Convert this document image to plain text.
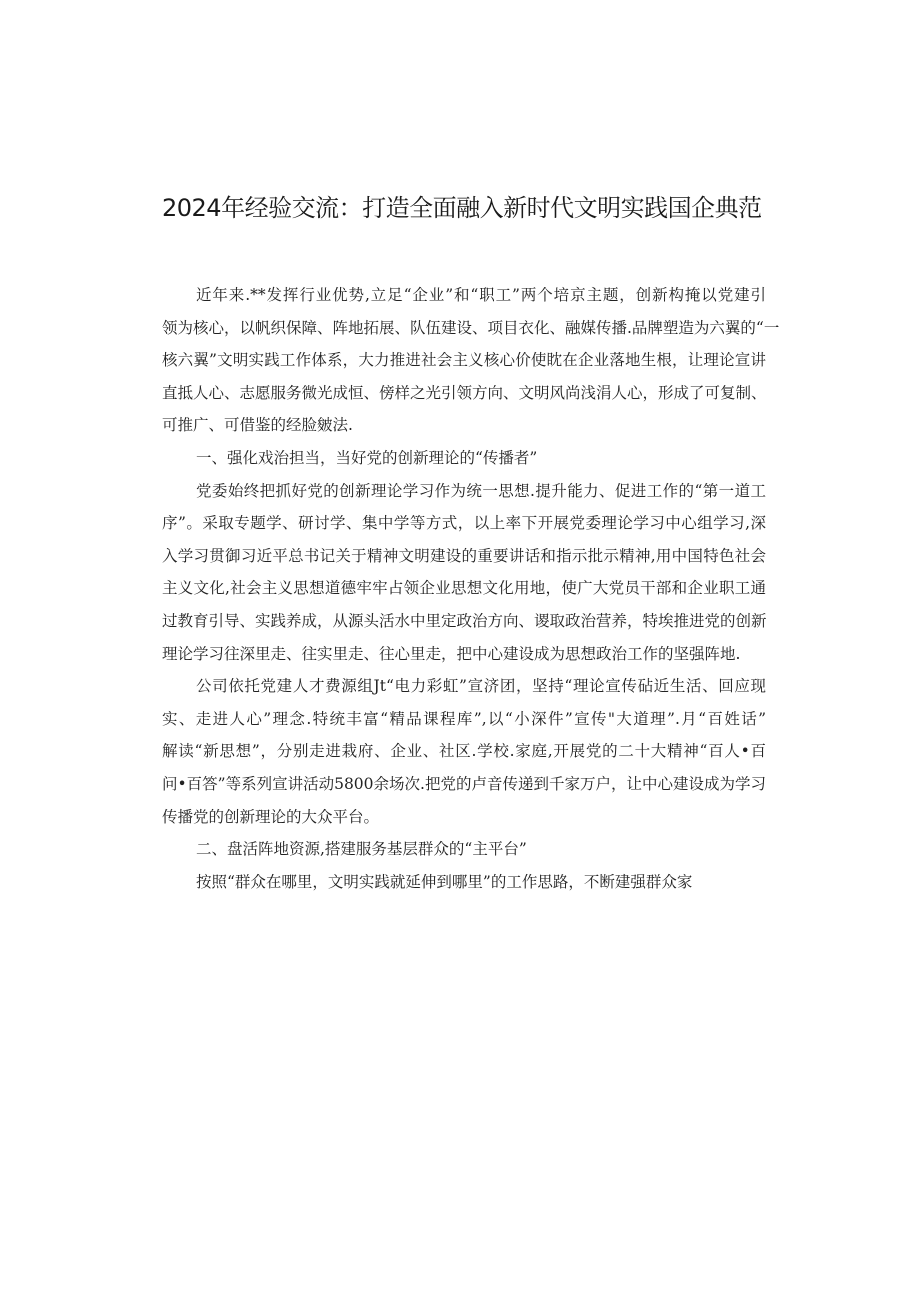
2024年经验交流：打造全面融入新时代文明实践国企典范
近年来.**发挥行业优势,立足“企业”和“职工”两个培京主题，创新构掩以党建引
领为核心，以帆织保障、阵地拓展、队伍建设、项目衣化、融媒传播.品牌塑造为六翼的“一
核六翼”文明实践工作体系，大力推进社会主义核心价使眈在企业落地生根，让理论宣讲
直抵人心、志愿服务微光成恒、傍样之光引领方向、文明风尚浅涓人心，形成了可复制、
可推广、可借鉴的经脸皴法.
一、强化戏治担当，当好党的创新理论的“传播者”
党委始终把抓好党的创新理论学习作为统一思想.提升能力、促进工作的“第一道工
序”。采取专题学、研讨学、集中学等方式，以上率下开展党委理论学习中心组学习,深
入学习贯御习近平总书记关于精神文明建设的重要讲话和指示批示精神,用中国特色社会
主义文化,社会主义思想道德牢牢占领企业思想文化用地，使广大党员干部和企业职工通
过教育引导、实践养成，从源头活水中里定政治方向、谡取政治营养，特埃推进党的创新
理论学习往深里走、往实里走、往心里走，把中心建设成为思想政治工作的坚强阵地.
公司依托党建人才费源组Jt“电力彩虹”宣济团，坚持“理论宣传砧近生活、回应现
实、走进人心”理念.特统丰富“精品课程库”,以“小深件”宣传"大道理”.月“百姓话”
解读“新思想”，分别走进栽府、企业、社区.学校.家庭,开展党的二十大精神“百人•百
问•百答”等系列宣讲活动5800余场次.把党的卢音传递到千家万户，让中心建设成为学习
传播党的创新理论的大众平台。
二、盘活阵地资源,搭建服务基层群众的“主平台”
按照“群众在哪里，文明实践就延伸到哪里”的工作思路，不断建强群众家
